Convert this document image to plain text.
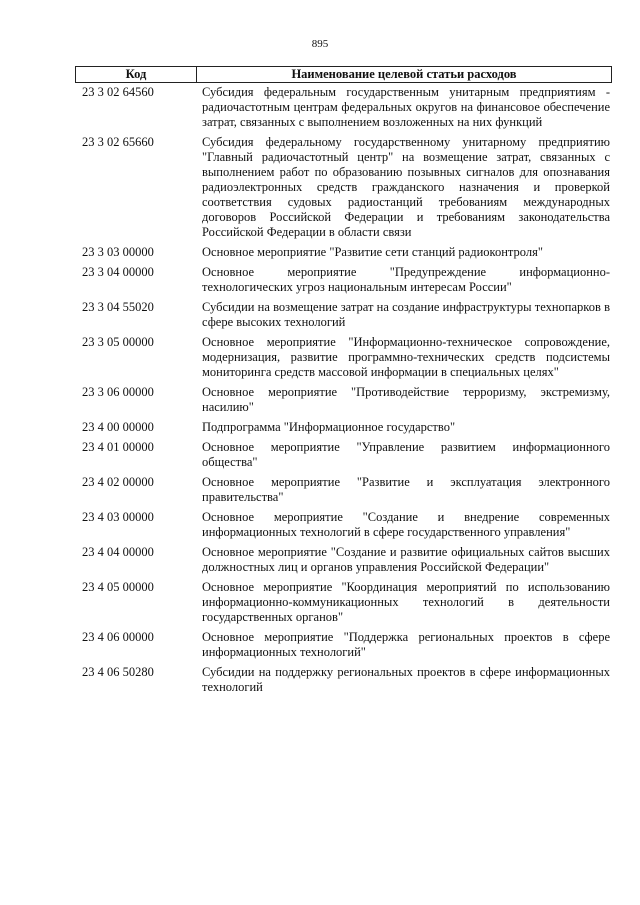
895
Код	Наименование целевой статьи расходов
23 3 02 64560	Субсидия федеральным государственным унитарным предприятиям - радиочастотным центрам федеральных округов на финансовое обеспечение затрат, связанных с выполнением возложенных на них функций
23 3 02 65660	Субсидия федеральному государственному унитарному предприятию "Главный радиочастотный центр" на возмещение затрат, связанных с выполнением работ по образованию позывных сигналов для опознавания радиоэлектронных средств гражданского назначения и проверкой соответствия судовых радиостанций требованиям международных договоров Российской Федерации и требованиям законодательства Российской Федерации в области связи
23 3 03 00000	Основное мероприятие "Развитие сети станций радиоконтроля"
23 3 04 00000	Основное мероприятие "Предупреждение информационно-технологических угроз национальным интересам России"
23 3 04 55020	Субсидии на возмещение затрат на создание инфраструктуры технопарков в сфере высоких технологий
23 3 05 00000	Основное мероприятие "Информационно-техническое сопровождение, модернизация, развитие программно-технических средств подсистемы мониторинга средств массовой информации в специальных целях"
23 3 06 00000	Основное мероприятие "Противодействие терроризму, экстремизму, насилию"
23 4 00 00000	Подпрограмма "Информационное государство"
23 4 01 00000	Основное мероприятие "Управление развитием информационного общества"
23 4 02 00000	Основное мероприятие "Развитие и эксплуатация электронного правительства"
23 4 03 00000	Основное мероприятие "Создание и внедрение современных информационных технологий в сфере государственного управления"
23 4 04 00000	Основное мероприятие "Создание и развитие официальных сайтов высших должностных лиц и органов управления Российской Федерации"
23 4 05 00000	Основное мероприятие "Координация мероприятий по использованию информационно-коммуникационных технологий в деятельности государственных органов"
23 4 06 00000	Основное мероприятие "Поддержка региональных проектов в сфере информационных технологий"
23 4 06 50280	Субсидии на поддержку региональных проектов в сфере информационных технологий
